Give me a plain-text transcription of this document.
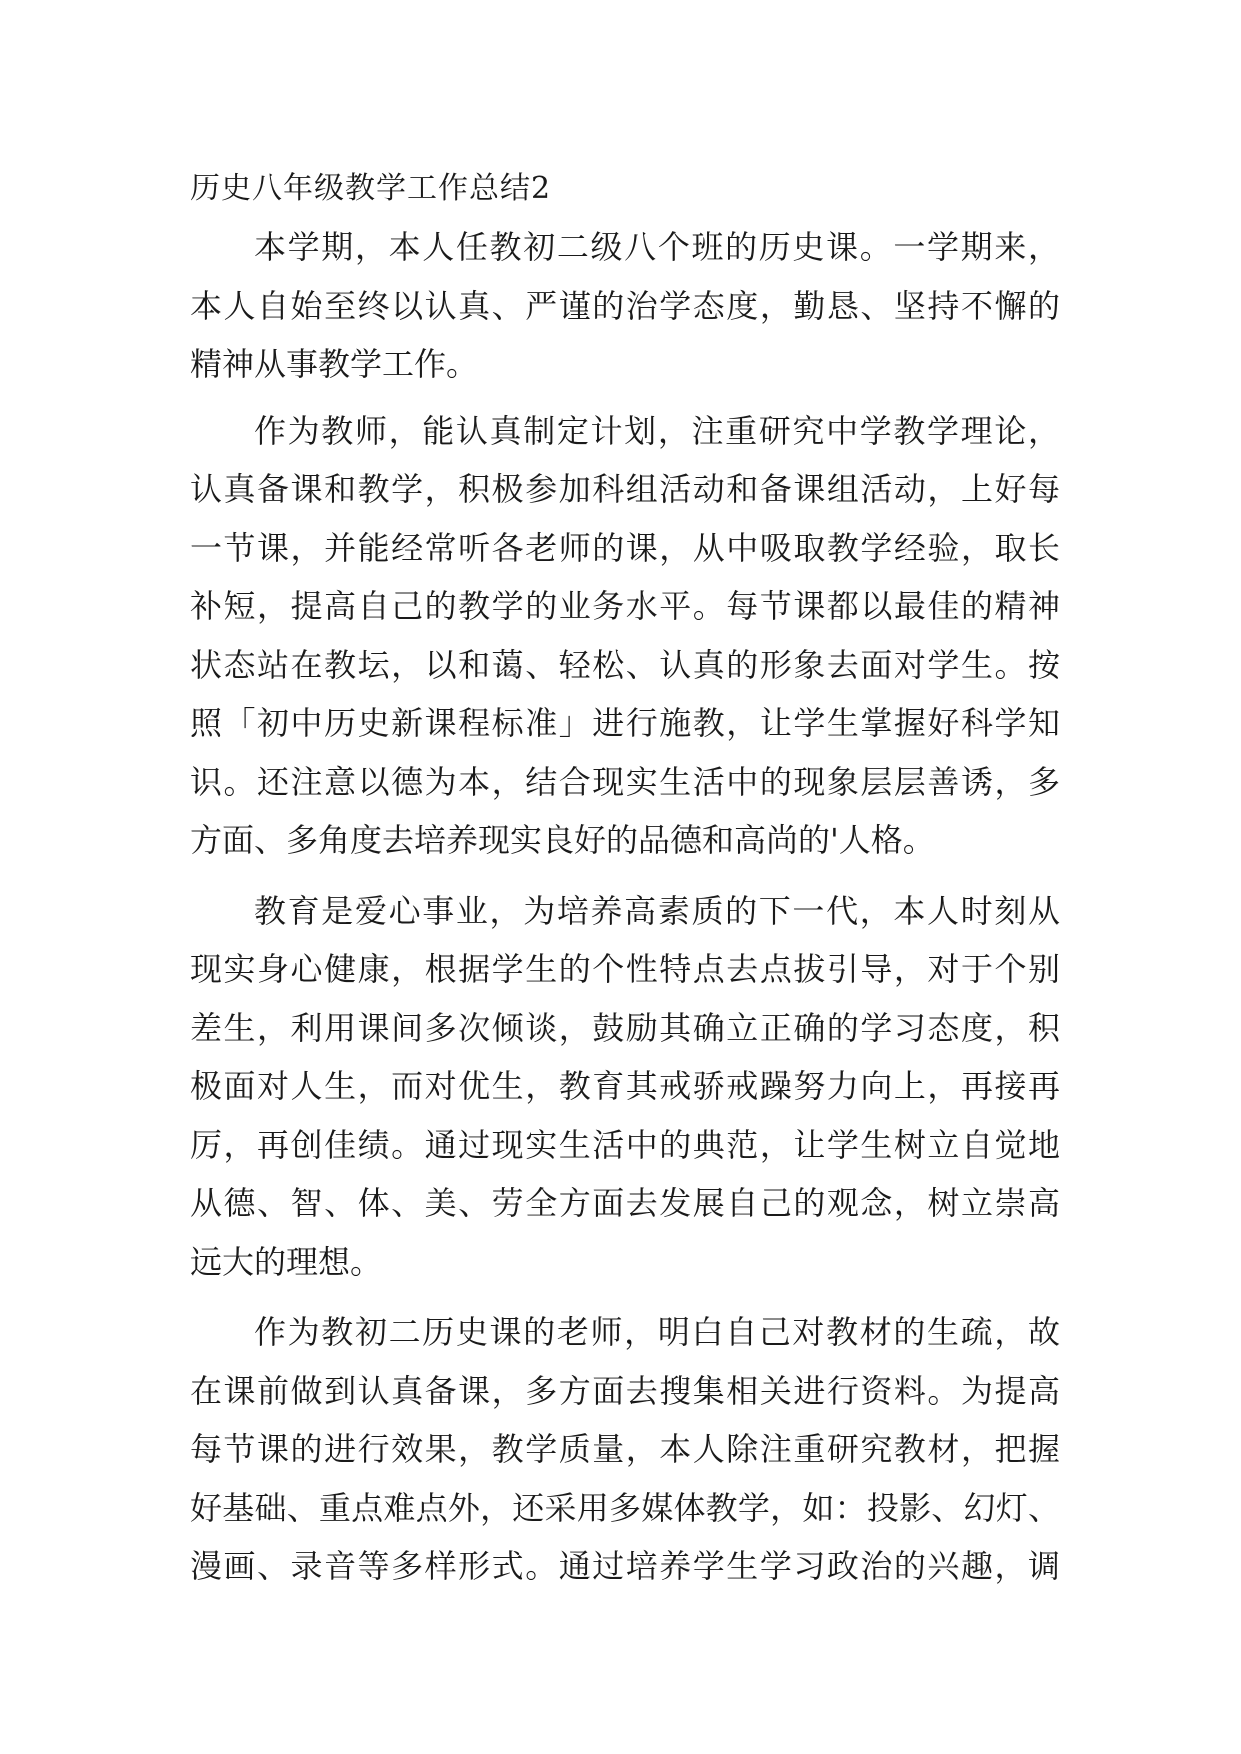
历史八年级教学工作总结2
本学期，本人任教初二级八个班的历史课。一学期来，
本人自始至终以认真、严谨的治学态度，勤恳、坚持不懈的
精神从事教学工作。
作为教师，能认真制定计划，注重研究中学教学理论，
认真备课和教学，积极参加科组活动和备课组活动，上好每
一节课，并能经常听各老师的课，从中吸取教学经验，取长
补短，提高自己的教学的业务水平。每节课都以最佳的精神
状态站在教坛，以和蔼、轻松、认真的形象去面对学生。按
照「初中历史新课程标准」进行施教，让学生掌握好科学知
识。还注意以德为本，结合现实生活中的现象层层善诱，多
方面、多角度去培养现实良好的品德和高尚的'人格。
教育是爱心事业，为培养高素质的下一代，本人时刻从
现实身心健康，根据学生的个性特点去点拔引导，对于个别
差生，利用课间多次倾谈，鼓励其确立正确的学习态度，积
极面对人生，而对优生，教育其戒骄戒躁努力向上，再接再
厉，再创佳绩。通过现实生活中的典范，让学生树立自觉地
从德、智、体、美、劳全方面去发展自己的观念，树立崇高
远大的理想。
作为教初二历史课的老师，明白自己对教材的生疏，故
在课前做到认真备课，多方面去搜集相关进行资料。为提高
每节课的进行效果，教学质量，本人除注重研究教材，把握
好基础、重点难点外，还采用多媒体教学，如：投影、幻灯、
漫画、录音等多样形式。通过培养学生学习政治的兴趣，调
